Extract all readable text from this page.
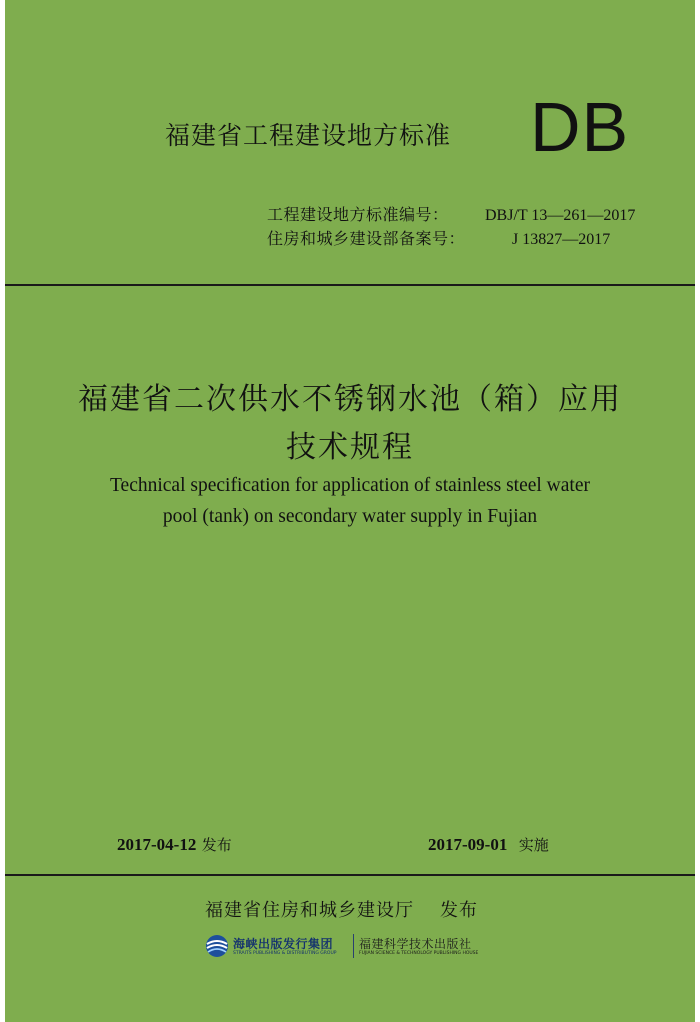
福建省工程建设地方标准 DB
工程建设地方标准编号： DBJ/T 13—261—2017
住房和城乡建设部备案号：	J 13827—2017
福建省二次供水不锈钢水池（箱）应用
技术规程
Technical specification for application of stainless steel water
pool (tank) on secondary water supply in Fujian
2017-04-12 发布	2017-09-01 实施
福建省住房和城乡建设厅 发布
海峡出版发行集团
STRAITS PUBLISHING & DISTRIBUTING GROUP
福建科学技术出版社
FUJIAN SCIENCE & TECHNOLOGY PUBLISHING HOUSE
